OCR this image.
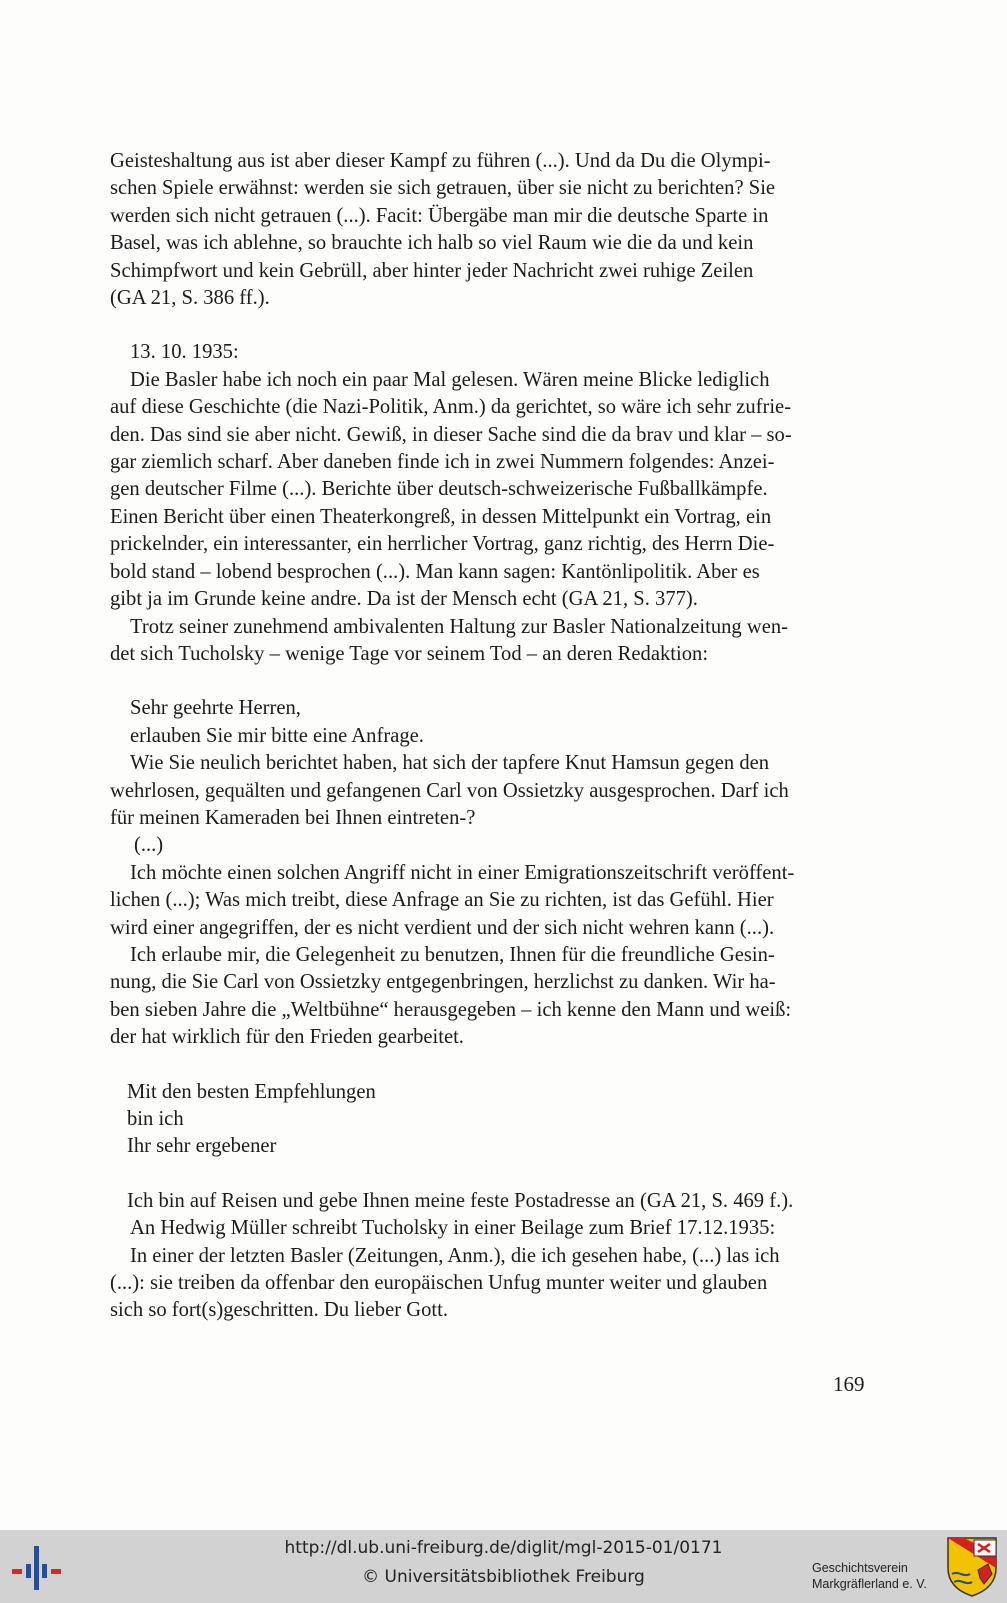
Geisteshaltung aus ist aber dieser Kampf zu führen (...). Und da Du die Olympi-
schen Spiele erwähnst: werden sie sich getrauen, über sie nicht zu berichten? Sie
werden sich nicht getrauen (...). Facit: Übergäbe man mir die deutsche Sparte in
Basel, was ich ablehne, so brauchte ich halb so viel Raum wie die da und kein
Schimpfwort und kein Gebrüll, aber hinter jeder Nachricht zwei ruhige Zeilen
(GA 21, S. 386 ff.).

13. 10. 1935:

Die Basler habe ich noch ein paar Mal gelesen. Wären meine Blicke lediglich
auf diese Geschichte (die Nazi-Politik, Anm.) da gerichtet, so wäre ich sehr zufrie-
den. Das sind sie aber nicht. Gewiß, in dieser Sache sind die da brav und klar – so-
gar ziemlich scharf. Aber daneben finde ich in zwei Nummern folgendes: Anzei-
gen deutscher Filme (...). Berichte über deutsch-schweizerische Fußballkämpfe.
Einen Bericht über einen Theaterkongreß, in dessen Mittelpunkt ein Vortrag, ein
prickelnder, ein interessanter, ein herrlicher Vortrag, ganz richtig, des Herrn Die-
bold stand – lobend besprochen (...). Man kann sagen: Kantönlipolitik. Aber es
gibt ja im Grunde keine andre. Da ist der Mensch echt (GA 21, S. 377).

Trotz seiner zunehmend ambivalenten Haltung zur Basler Nationalzeitung wen-
det sich Tucholsky – wenige Tage vor seinem Tod – an deren Redaktion:

Sehr geehrte Herren,

erlauben Sie mir bitte eine Anfrage.

Wie Sie neulich berichtet haben, hat sich der tapfere Knut Hamsun gegen den
wehrlosen, gequälten und gefangenen Carl von Ossietzky ausgesprochen. Darf ich
für meinen Kameraden bei Ihnen eintreten-?

(...)

Ich möchte einen solchen Angriff nicht in einer Emigrationszeitschrift veröffent-
lichen (...); Was mich treibt, diese Anfrage an Sie zu richten, ist das Gefühl. Hier
wird einer angegriffen, der es nicht verdient und der sich nicht wehren kann (...).

Ich erlaube mir, die Gelegenheit zu benutzen, Ihnen für die freundliche Gesin-
nung, die Sie Carl von Ossietzky entgegenbringen, herzlichst zu danken. Wir ha-
ben sieben Jahre die „Weltbühne“ herausgegeben – ich kenne den Mann und weiß:
der hat wirklich für den Frieden gearbeitet.

Mit den besten Empfehlungen
bin ich
Ihr sehr ergebener

Ich bin auf Reisen und gebe Ihnen meine feste Postadresse an (GA 21, S. 469 f.).

An Hedwig Müller schreibt Tucholsky in einer Beilage zum Brief 17.12.1935:

In einer der letzten Basler (Zeitungen, Anm.), die ich gesehen habe, (...) las ich
(...): sie treiben da offenbar den europäischen Unfug munter weiter und glauben
sich so fort(s)geschritten. Du lieber Gott.

169
http://dl.ub.uni-freiburg.de/diglit/mgl-2015-01/0171
© Universitätsbibliothek Freiburg	Geschichtsverein
Markgräflerland e. V.
